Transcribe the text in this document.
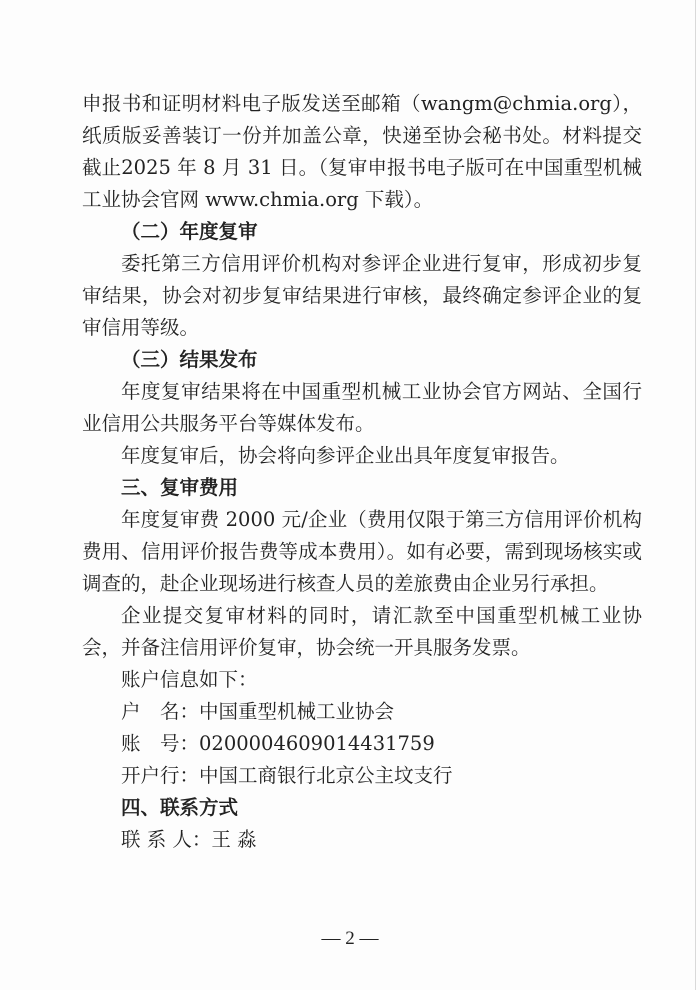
申报书和证明材料电子版发送至邮箱（wangm@chmia.org），纸质版妥善装订一份并加盖公章，快递至协会秘书处。材料提交截止2025 年 8 月 31 日。（复审申报书电子版可在中国重型机械工业协会官网 www.chmia.org 下载）。

（二）年度复审

委托第三方信用评价机构对参评企业进行复审，形成初步复审结果，协会对初步复审结果进行审核，最终确定参评企业的复审信用等级。

（三）结果发布

年度复审结果将在中国重型机械工业协会官方网站、全国行业信用公共服务平台等媒体发布。

年度复审后，协会将向参评企业出具年度复审报告。

三、复审费用

年度复审费 2000 元/企业（费用仅限于第三方信用评价机构费用、信用评价报告费等成本费用）。如有必要，需到现场核实或调查的，赴企业现场进行核查人员的差旅费由企业另行承担。

企业提交复审材料的同时，请汇款至中国重型机械工业协会，并备注信用评价复审，协会统一开具服务发票。

账户信息如下：

户　名：中国重型机械工业协会

账　号：0200004609014431759

开户行：中国工商银行北京公主坟支行

四、联系方式

联 系 人：王 淼

— 2 —
